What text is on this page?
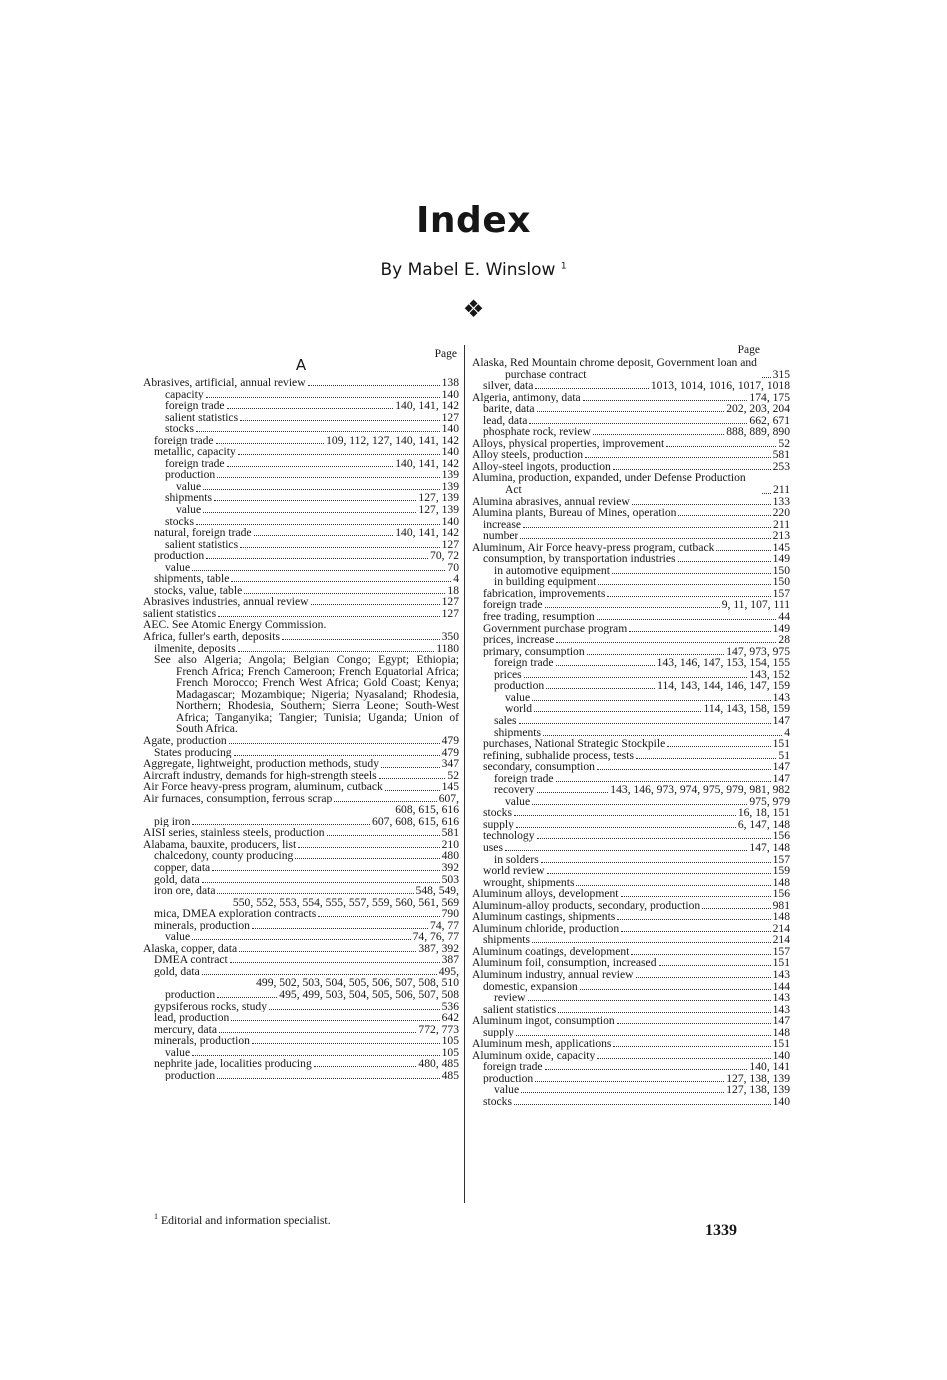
Index
By Mabel E. Winslow $^1$
❖
Page
A
Abrasives, artificial, annual review	138
capacity	140
foreign trade	140, 141, 142
salient statistics	127
stocks	140
foreign trade	109, 112, 127, 140, 141, 142
metallic, capacity	140
foreign trade	140, 141, 142
production	139
value	139
shipments	127, 139
value	127, 139
stocks	140
natural, foreign trade	140, 141, 142
salient statistics	127
production	70, 72
value	70
shipments, table	4
stocks, value, table	18
Abrasives industries, annual review	127
salient statistics	127
AEC. See Atomic Energy Commission.
Africa, fuller's earth, deposits	350
ilmenite, deposits	1180
See also Algeria; Angola; Belgian Congo; Egypt; Ethiopia; French Africa; French Cameroon; French Equatorial Africa; French Morocco; French West Africa; Gold Coast; Kenya; Madagascar; Mozambique; Nigeria; Nyasaland; Rhodesia, Northern; Rhodesia, Southern; Sierra Leone; South-West Africa; Tanganyika; Tangier; Tunisia; Uganda; Union of South Africa.
Agate, production	479
States producing	479
Aggregate, lightweight, production methods, study	347
Aircraft industry, demands for high-strength steels	52
Air Force heavy-press program, aluminum, cutback	145
Air furnaces, consumption, ferrous scrap	607,
608, 615, 616
pig iron	607, 608, 615, 616
AISI series, stainless steels, production	581
Alabama, bauxite, producers, list	210
chalcedony, county producing	480
copper, data	392
gold, data	503
iron ore, data	548, 549,
550, 552, 553, 554, 555, 557, 559, 560, 561, 569
mica, DMEA exploration contracts	790
minerals, production	74, 77
value	74, 76, 77
Alaska, copper, data	387, 392
DMEA contract	387
gold, data	495,
499, 502, 503, 504, 505, 506, 507, 508, 510
production	495, 499, 503, 504, 505, 506, 507, 508
gypsiferous rocks, study	536
lead, production	642
mercury, data	772, 773
minerals, production	105
value	105
nephrite jade, localities producing	480, 485
production	485
Page
Alaska, Red Mountain chrome deposit, Government loan and purchase contract	315
silver, data	1013, 1014, 1016, 1017, 1018
Algeria, antimony, data	174, 175
barite, data	202, 203, 204
lead, data	662, 671
phosphate rock, review	888, 889, 890
Alloys, physical properties, improvement	52
Alloy steels, production	581
Alloy-steel ingots, production	253
Alumina, production, expanded, under Defense Production Act	211
Alumina abrasives, annual review	133
Alumina plants, Bureau of Mines, operation	220
increase	211
number	213
Aluminum, Air Force heavy-press program, cutback	145
consumption, by transportation industries	149
in automotive equipment	150
in building equipment	150
fabrication, improvements	157
foreign trade	9, 11, 107, 111
free trading, resumption	44
Government purchase program	149
prices, increase	28
primary, consumption	147, 973, 975
foreign trade	143, 146, 147, 153, 154, 155
prices	143, 152
production	114, 143, 144, 146, 147, 159
value	143
world	114, 143, 158, 159
sales	147
shipments	4
purchases, National Strategic Stockpile	151
refining, subhalide process, tests	51
secondary, consumption	147
foreign trade	147
recovery	143, 146, 973, 974, 975, 979, 981, 982
value	975, 979
stocks	16, 18, 151
supply	6, 147, 148
technology	156
uses	147, 148
in solders	157
world review	159
wrought, shipments	148
Aluminum alloys, development	156
Aluminum-alloy products, secondary, production	981
Aluminum castings, shipments	148
Aluminum chloride, production	214
shipments	214
Aluminum coatings, development	157
Aluminum foil, consumption, increased	151
Aluminum industry, annual review	143
domestic, expansion	144
review	143
salient statistics	143
Aluminum ingot, consumption	147
supply	148
Aluminum mesh, applications	151
Aluminum oxide, capacity	140
foreign trade	140, 141
production	127, 138, 139
value	127, 138, 139
stocks	140
$^1$ Editorial and information specialist.
1339
